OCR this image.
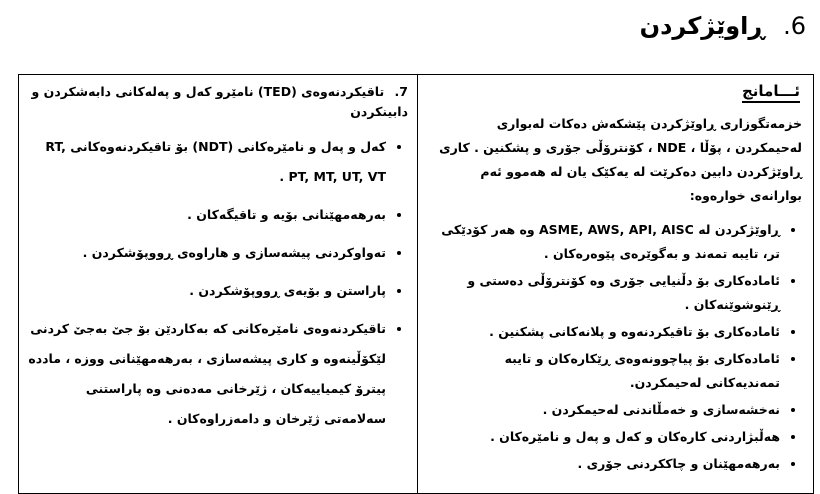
6. ڕاوێژکردن
ئـــامانج

خزمەتگوزاری ڕاوێژکردن پێشکەش دەکات لەبواری لەحیمکردن ، پۆڵا ، NDE ، کۆنترۆڵی جۆری و پشکنین . کاری ڕاوێژکردن دابین دەکرێت لە یەکێک یان لە هەموو ئەم بوارانەی خوارەوە:

• ڕاوێژکردن لە ASME, AWS, API, AISC وە هەر کۆدێکی تر، تایبە تمەند و بەگوێرەی پێوەرەکان .
• ئامادەکاری بۆ دڵنیایی جۆری وە کۆنترۆڵی دەستی و ڕێنوشوێنەکان .
• ئامادەکاری بۆ تاقیکردنەوە و پلانەکانی پشکنین .
• ئامادەکاری بۆ پیاچوونەوەی ڕێکارەکان و تایبە تمەندیەکانی لەحیمکردن.
• نەخشەسازی و خەمڵاندنی لەحیمکردن .
• هەڵبژاردنی کارەکان و کەل و پەل و نامێرەکان .
• بەرهەمهێنان و چاککردنی جۆری .

7. تاقیکردنەوەی (TED) نامێرو کەل و پەلەکانی دابەشکردن و دابینکردن

• کەل و پەل و نامێرەکانی (NDT) بۆ تاقیکردنەوەکانی RT, PT, MT, UT, VT .
• بەرهەمهێنانی بۆیە و تاقیگەکان .
• تەواوکردنی پیشەسازی و هاراوەی ڕووپۆشکردن .
• پاراستن و بۆیەی ڕووپۆشکردن .
• تاقیکردنەوەی نامێرەکانی کە بەکاردێن بۆ جێ بەجێ کردنی لێکۆڵینەوە و کاری پیشەسازی ، بەرهەمهێنانی ووزە ، ماددە پیترۆ کیمیاییەکان ، ژێرخانی مەدەنی وە پاراستنی سەلامەتی ژێرخان و دامەزراوەکان .
